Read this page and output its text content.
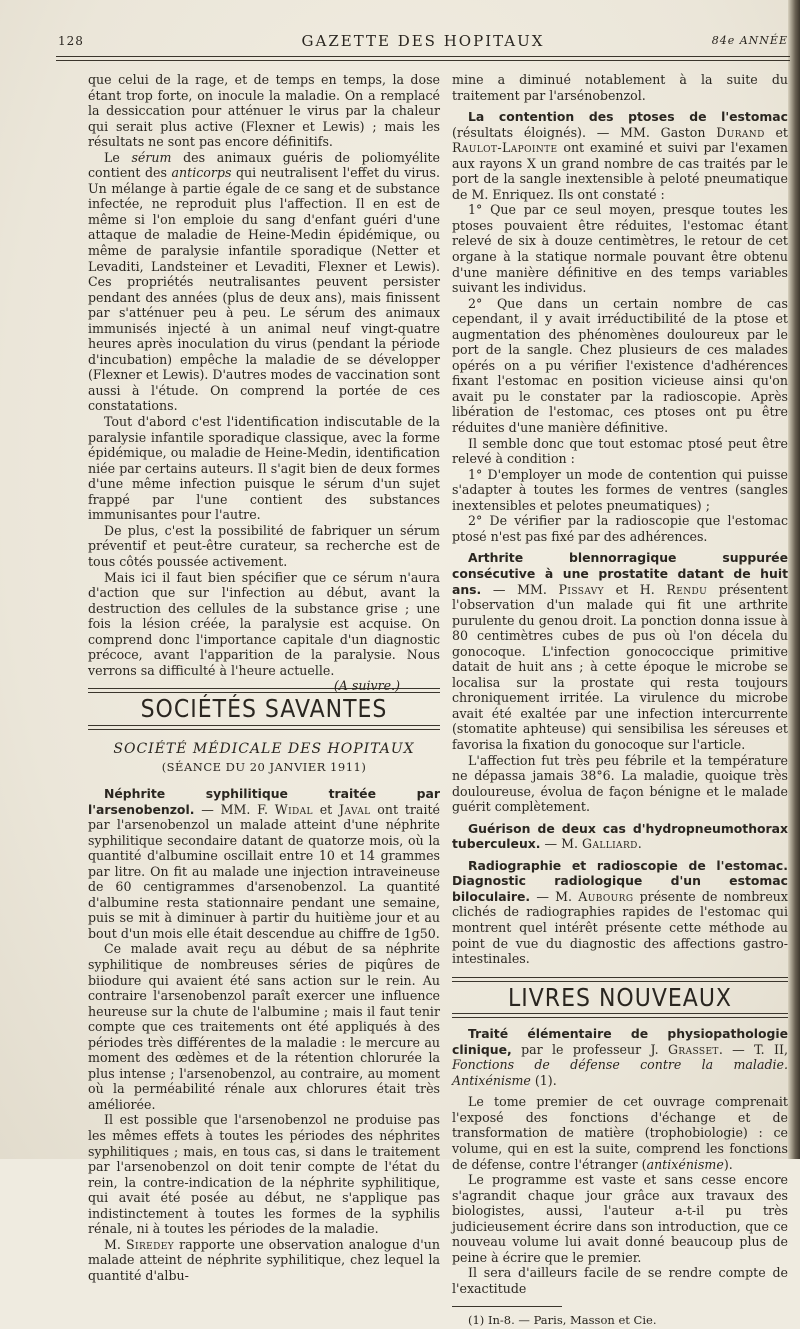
128	GAZETTE DES HOPITAUX	84e ANNÉE

que celui de la rage, et de temps en temps, la dose étant trop forte, on inocule la maladie. On a remplacé la dessiccation pour atténuer le virus par la chaleur qui serait plus active (Flexner et Lewis) ; mais les résultats ne sont pas encore définitifs.

Le sérum des animaux guéris de poliomyélite contient des anticorps qui neutralisent l'effet du virus. Un mélange à partie égale de ce sang et de substance infectée, ne reproduit plus l'affection. Il en est de même si l'on emploie du sang d'enfant guéri d'une attaque de maladie de Heine-Medin épidémique, ou même de paralysie infantile sporadique (Netter et Levaditi, Landsteiner et Levaditi, Flexner et Lewis). Ces propriétés neutralisantes peuvent persister pendant des années (plus de deux ans), mais finissent par s'atténuer peu à peu. Le sérum des animaux immunisés injecté à un animal neuf vingt-quatre heures après inoculation du virus (pendant la période d'incubation) empêche la maladie de se développer (Flexner et Lewis). D'autres modes de vaccination sont aussi à l'étude. On comprend la portée de ces constatations.

Tout d'abord c'est l'identification indiscutable de la paralysie infantile sporadique classique, avec la forme épidémique, ou maladie de Heine-Medin, identification niée par certains auteurs. Il s'agit bien de deux formes d'une même infection puisque le sérum d'un sujet frappé par l'une contient des substances immunisantes pour l'autre.

De plus, c'est la possibilité de fabriquer un sérum préventif et peut-être curateur, sa recherche est de tous côtés poussée activement.

Mais ici il faut bien spécifier que ce sérum n'aura d'action que sur l'infection au début, avant la destruction des cellules de la substance grise ; une fois la lésion créée, la paralysie est acquise. On comprend donc l'importance capitale d'un diagnostic précoce, avant l'apparition de la paralysie. Nous verrons sa difficulté à l'heure actuelle.
(A suivre.)

SOCIÉTÉS SAVANTES
SOCIÉTÉ MÉDICALE DES HOPITAUX
(SÉANCE DU 20 JANVIER 1911)

Néphrite syphilitique traitée par l'arsenobenzol. — MM. F. Widal et Javal ont traité par l'arsenobenzol un malade atteint d'une néphrite syphilitique secondaire datant de quatorze mois, où la quantité d'albumine oscillait entre 10 et 14 grammes par litre. On fit au malade une injection intraveineuse de 60 centigrammes d'arsenobenzol. La quantité d'albumine resta stationnaire pendant une semaine, puis se mit à diminuer à partir du huitième jour et au bout d'un mois elle était descendue au chiffre de 1g50.

Ce malade avait reçu au début de sa néphrite syphilitique de nombreuses séries de piqûres de biiodure qui avaient été sans action sur le rein. Au contraire l'arsenobenzol paraît exercer une influence heureuse sur la chute de l'albumine ; mais il faut tenir compte que ces traitements ont été appliqués à des périodes très différentes de la maladie : le mercure au moment des œdèmes et de la rétention chlorurée la plus intense ; l'arsenobenzol, au contraire, au moment où la perméabilité rénale aux chlorures était très améliorée.

Il est possible que l'arsenobenzol ne produise pas les mêmes effets à toutes les périodes des néphrites syphilitiques ; mais, en tous cas, si dans le traitement par l'arsenobenzol on doit tenir compte de l'état du rein, la contre-indication de la néphrite syphilitique, qui avait été posée au début, ne s'applique pas indistinctement à toutes les formes de la syphilis rénale, ni à toutes les périodes de la maladie.

M. Siredey rapporte une observation analogue d'un malade atteint de néphrite syphilitique, chez lequel la quantité d'albu-

mine a diminué notablement à la suite du traitement par l'arsénobenzol.

La contention des ptoses de l'estomac (résultats éloignés). — MM. Gaston Durand et Raulot-Lapointe ont examiné et suivi par l'examen aux rayons X un grand nombre de cas traités par le port de la sangle inextensible à peloté pneumatique de M. Enriquez. Ils ont constaté :

1° Que par ce seul moyen, presque toutes les ptoses pouvaient être réduites, l'estomac étant relevé de six à douze centimètres, le retour de cet organe à la statique normale pouvant être obtenu d'une manière définitive en des temps variables suivant les individus.

2° Que dans un certain nombre de cas cependant, il y avait irréductibilité de la ptose et augmentation des phénomènes douloureux par le port de la sangle. Chez plusieurs de ces malades opérés on a pu vérifier l'existence d'adhérences fixant l'estomac en position vicieuse ainsi qu'on avait pu le constater par la radioscopie. Après libération de l'estomac, ces ptoses ont pu être réduites d'une manière définitive.

Il semble donc que tout estomac ptosé peut être relevé à condition :

1° D'employer un mode de contention qui puisse s'adapter à toutes les formes de ventres (sangles inextensibles et pelotes pneumatiques) ;

2° De vérifier par la radioscopie que l'estomac ptosé n'est pas fixé par des adhérences.

Arthrite blennorragique suppurée consécutive à une prostatite datant de huit ans. — MM. Pissavy et H. Rendu présentent l'observation d'un malade qui fit une arthrite purulente du genou droit. La ponction donna issue à 80 centimètres cubes de pus où l'on décela du gonocoque. L'infection gonococcique primitive datait de huit ans ; à cette époque le microbe se localisa sur la prostate qui resta toujours chroniquement irritée. La virulence du microbe avait été exaltée par une infection intercurrente (stomatite aphteuse) qui sensibilisa les séreuses et favorisa la fixation du gonocoque sur l'article.

L'affection fut très peu fébrile et la température ne dépassa jamais 38°6. La maladie, quoique très douloureuse, évolua de façon bénigne et le malade guérit complètement.

Guérison de deux cas d'hydropneumothorax tuberculeux. — M. Galliard.

Radiographie et radioscopie de l'estomac. Diagnostic radiologique d'un estomac biloculaire. — M. Aubourg présente de nombreux clichés de radiographies rapides de l'estomac qui montrent quel intérêt présente cette méthode au point de vue du diagnostic des affections gastro-intestinales.

LIVRES NOUVEAUX

Traité élémentaire de physiopathologie clinique, par le professeur J. Grasset. — T. II, Fonctions de défense contre la maladie. Antixénisme (1).

Le tome premier de cet ouvrage comprenait l'exposé des fonctions d'échange et de transformation de matière (trophobiologie) : ce volume, qui en est la suite, comprend les fonctions de défense, contre l'étranger (antixénisme).

Le programme est vaste et sans cesse encore s'agrandit chaque jour grâce aux travaux des biologistes, aussi, l'auteur a-t-il pu très judicieusement écrire dans son introduction, que ce nouveau volume lui avait donné beaucoup plus de peine à écrire que le premier.

Il sera d'ailleurs facile de se rendre compte de l'exactitude

(1) In-8. — Paris, Masson et Cie.
